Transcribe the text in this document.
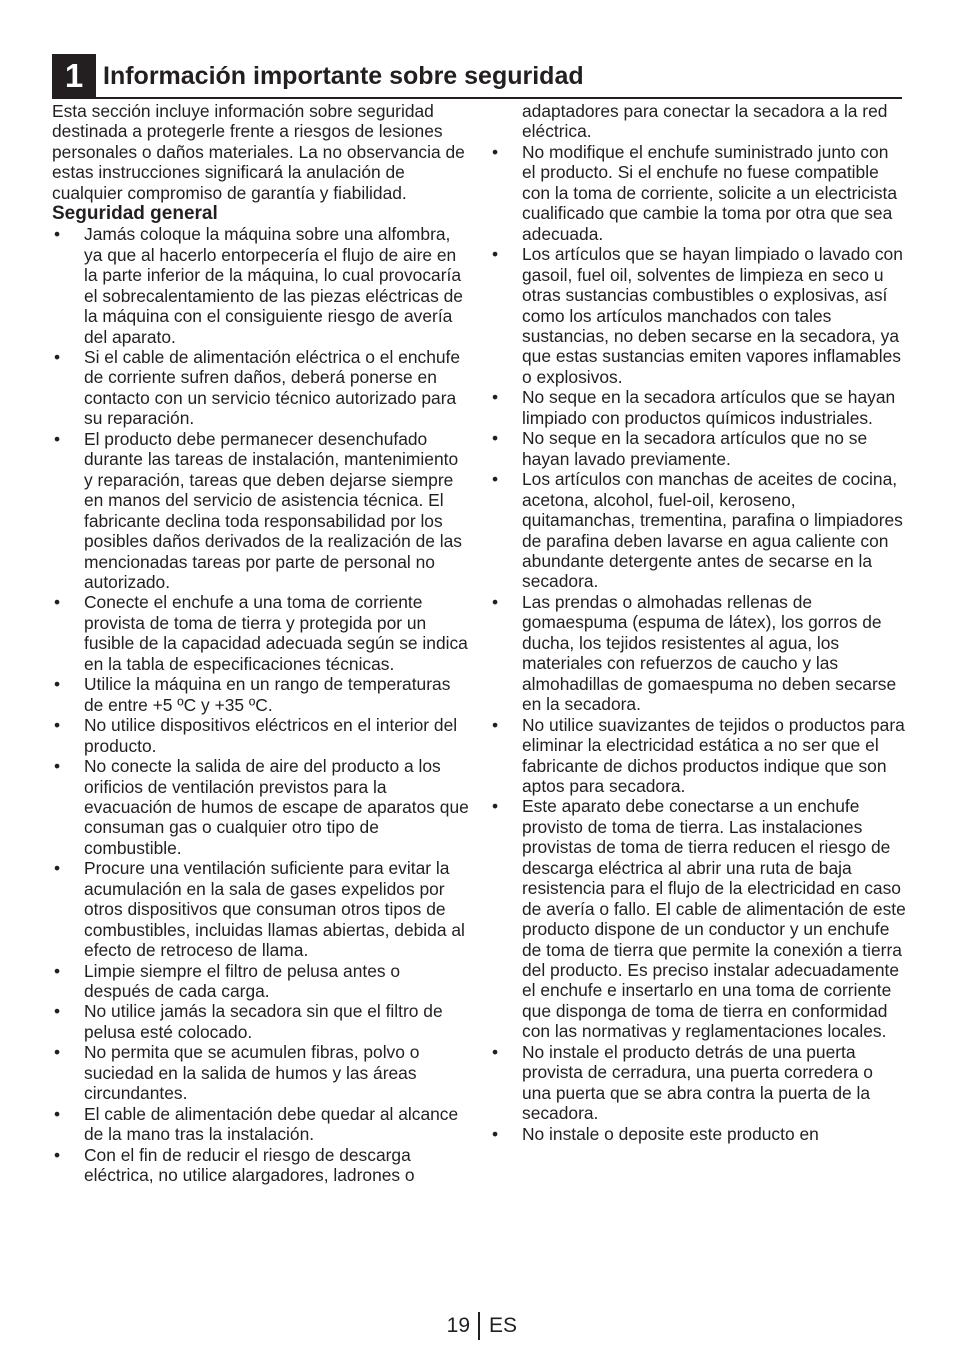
1 Información importante sobre seguridad

Esta sección incluye información sobre seguridad destinada a protegerle frente a riesgos de lesiones personales o daños materiales. La no observancia de estas instrucciones significará la anulación de cualquier compromiso de garantía y fiabilidad.

Seguridad general
• Jamás coloque la máquina sobre una alfombra, ya que al hacerlo entorpecería el flujo de aire en la parte inferior de la máquina, lo cual provocaría el sobrecalentamiento de las piezas eléctricas de la máquina con el consiguiente riesgo de avería del aparato.
• Si el cable de alimentación eléctrica o el enchufe de corriente sufren daños, deberá ponerse en contacto con un servicio técnico autorizado para su reparación.
• El producto debe permanecer desenchufado durante las tareas de instalación, mantenimiento y reparación, tareas que deben dejarse siempre en manos del servicio de asistencia técnica. El fabricante declina toda responsabilidad por los posibles daños derivados de la realización de las mencionadas tareas por parte de personal no autorizado.
• Conecte el enchufe a una toma de corriente provista de toma de tierra y protegida por un fusible de la capacidad adecuada según se indica en la tabla de especificaciones técnicas.
• Utilice la máquina en un rango de temperaturas de entre +5 ºC y +35 ºC.
• No utilice dispositivos eléctricos en el interior del producto.
• No conecte la salida de aire del producto a los orificios de ventilación previstos para la evacuación de humos de escape de aparatos que consuman gas o cualquier otro tipo de combustible.
• Procure una ventilación suficiente para evitar la acumulación en la sala de gases expelidos por otros dispositivos que consuman otros tipos de combustibles, incluidas llamas abiertas, debida al efecto de retroceso de llama.
• Limpie siempre el filtro de pelusa antes o después de cada carga.
• No utilice jamás la secadora sin que el filtro de pelusa esté colocado.
• No permita que se acumulen fibras, polvo o suciedad en la salida de humos y las áreas circundantes.
• El cable de alimentación debe quedar al alcance de la mano tras la instalación.
• Con el fin de reducir el riesgo de descarga eléctrica, no utilice alargadores, ladrones o
adaptadores para conectar la secadora a la red eléctrica.
• No modifique el enchufe suministrado junto con el producto. Si el enchufe no fuese compatible con la toma de corriente, solicite a un electricista cualificado que cambie la toma por otra que sea adecuada.
• Los artículos que se hayan limpiado o lavado con gasoil, fuel oil, solventes de limpieza en seco u otras sustancias combustibles o explosivas, así como los artículos manchados con tales sustancias, no deben secarse en la secadora, ya que estas sustancias emiten vapores inflamables o explosivos.
• No seque en la secadora artículos que se hayan limpiado con productos químicos industriales.
• No seque en la secadora artículos que no se hayan lavado previamente.
• Los artículos con manchas de aceites de cocina, acetona, alcohol, fuel-oil, keroseno, quitamanchas, trementina, parafina o limpiadores de parafina deben lavarse en agua caliente con abundante detergente antes de secarse en la secadora.
• Las prendas o almohadas rellenas de gomaespuma (espuma de látex), los gorros de ducha, los tejidos resistentes al agua, los materiales con refuerzos de caucho y las almohadillas de gomaespuma no deben secarse en la secadora.
• No utilice suavizantes de tejidos o productos para eliminar la electricidad estática a no ser que el fabricante de dichos productos indique que son aptos para secadora.
• Este aparato debe conectarse a un enchufe provisto de toma de tierra. Las instalaciones provistas de toma de tierra reducen el riesgo de descarga eléctrica al abrir una ruta de baja resistencia para el flujo de la electricidad en caso de avería o fallo. El cable de alimentación de este producto dispone de un conductor y un enchufe de toma de tierra que permite la conexión a tierra del producto. Es preciso instalar adecuadamente el enchufe e insertarlo en una toma de corriente que disponga de toma de tierra en conformidad con las normativas y reglamentaciones locales.
• No instale el producto detrás de una puerta provista de cerradura, una puerta corredera o una puerta que se abra contra la puerta de la secadora.
• No instale o deposite este producto en
19 ES
